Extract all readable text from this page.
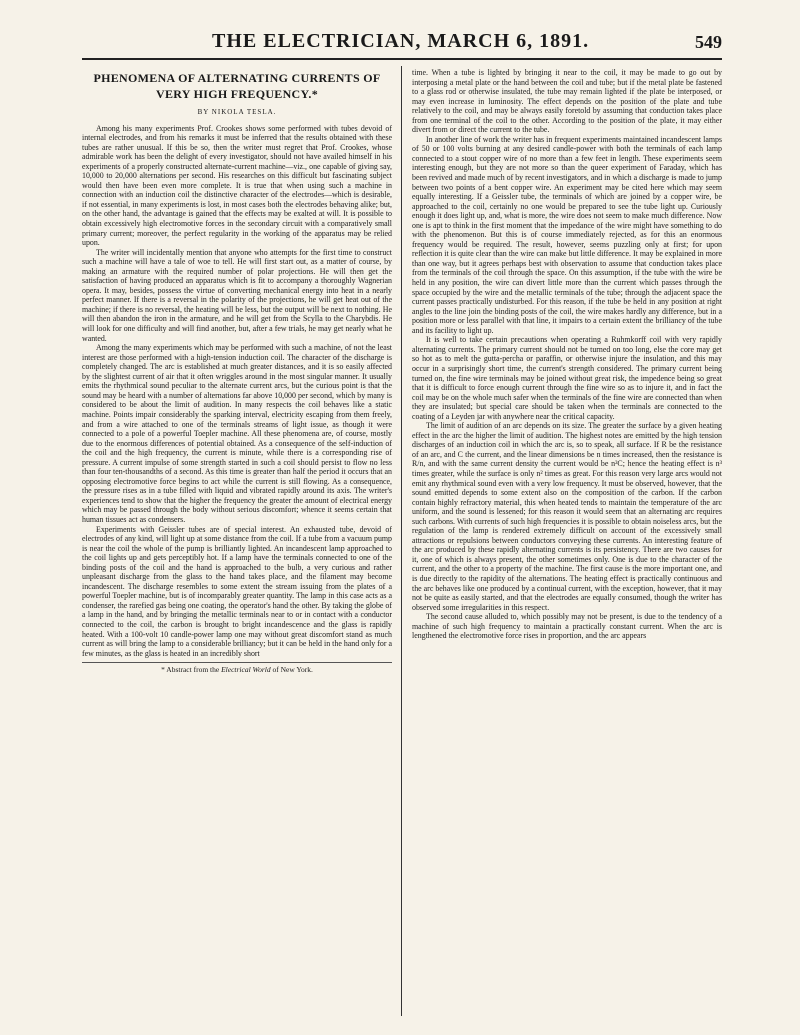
THE ELECTRICIAN, MARCH 6, 1891.	549
PHENOMENA OF ALTERNATING CURRENTS OF VERY HIGH FREQUENCY.*
BY NIKOLA TESLA.

Among his many experiments Prof. Crookes shows some performed with tubes devoid of internal electrodes, and from his remarks it must be inferred that the results obtained with these tubes are rather unusual. If this be so, then the writer must regret that Prof. Crookes, whose admirable work has been the delight of every investigator, should not have availed himself in his experiments of a properly constructed alternate-current machine—viz., one capable of giving say, 10,000 to 20,000 alternations per second. His researches on this difficult but fascinating subject would then have been even more complete. It is true that when using such a machine in connection with an induction coil the distinctive character of the electrodes—which is desirable, if not essential, in many experiments is lost, in most cases both the electrodes behaving alike; but, on the other hand, the advantage is gained that the effects may be exalted at will. It is possible to obtain excessively high electromotive forces in the secondary circuit with a comparatively small primary current; moreover, the perfect regularity in the working of the apparatus may be relied upon.

The writer will incidentally mention that anyone who attempts for the first time to construct such a machine will have a tale of woe to tell. He will first start out, as a matter of course, by making an armature with the required number of polar projections. He will then get the satisfaction of having produced an apparatus which is fit to accompany a thoroughly Wagnerian opera. It may, besides, possess the virtue of converting mechanical energy into heat in a nearly perfect manner. If there is a reversal in the polarity of the projections, he will get heat out of the machine; if there is no reversal, the heating will be less, but the output will be next to nothing. He will then abandon the iron in the armature, and he will get from the Scylla to the Charybdis. He will look for one difficulty and will find another, but, after a few trials, he may get nearly what he wanted.

Among the many experiments which may be performed with such a machine, of not the least interest are those performed with a high-tension induction coil. The character of the discharge is completely changed. The arc is established at much greater distances, and it is so easily affected by the slightest current of air that it often wriggles around in the most singular manner. It usually emits the rhythmical sound peculiar to the alternate current arcs, but the curious point is that the sound may be heard with a number of alternations far above 10,000 per second, which by many is considered to be about the limit of audition. In many respects the coil behaves like a static machine. Points impair considerably the sparking interval, electricity escaping from them freely, and from a wire attached to one of the terminals streams of light issue, as though it were connected to a pole of a powerful Toepler machine. All these phenomena are, of course, mostly due to the enormous differences of potential obtained. As a consequence of the self-induction of the coil and the high frequency, the current is minute, while there is a corresponding rise of pressure. A current impulse of some strength started in such a coil should persist to flow no less than four ten-thousandths of a second. As this time is greater than half the period it occurs that an opposing electromotive force begins to act while the current is still flowing. As a consequence, the pressure rises as in a tube filled with liquid and vibrated rapidly around its axis. The writer's experiences tend to show that the higher the frequency the greater the amount of electrical energy which may be passed through the body without serious discomfort; whence it seems certain that human tissues act as condensers.

Experiments with Geissler tubes are of special interest. An exhausted tube, devoid of electrodes of any kind, will light up at some distance from the coil. If a tube from a vacuum pump is near the coil the whole of the pump is brilliantly lighted. An incandescent lamp approached to the coil lights up and gets perceptibly hot. If a lamp have the terminals connected to one of the binding posts of the coil and the hand is approached to the bulb, a very curious and rather unpleasant discharge from the glass to the hand takes place, and the filament may become incandescent. The discharge resembles to some extent the stream issuing from the plates of a powerful Toepler machine, but is of incomparably greater quantity. The lamp in this case acts as a condenser, the rarefied gas being one coating, the operator's hand the other. By taking the globe of a lamp in the hand, and by bringing the metallic terminals near to or in contact with a conductor connected to the coil, the carbon is brought to bright incandescence and the glass is rapidly heated. With a 100-volt 10 candle-power lamp one may without great discomfort stand as much current as will bring the lamp to a considerable brilliancy; but it can be held in the hand only for a few minutes, as the glass is heated in an incredibly short

* Abstract from the Electrical World of New York.

time. When a tube is lighted by bringing it near to the coil, it may be made to go out by interposing a metal plate or the hand between the coil and tube; but if the metal plate be fastened to a glass rod or otherwise insulated, the tube may remain lighted if the plate be interposed, or may even increase in luminosity. The effect depends on the position of the plate and tube relatively to the coil, and may be always easily foretold by assuming that conduction takes place from one terminal of the coil to the other. According to the position of the plate, it may either divert from or direct the current to the tube.

In another line of work the writer has in frequent experiments maintained incandescent lamps of 50 or 100 volts burning at any desired candle-power with both the terminals of each lamp connected to a stout copper wire of no more than a few feet in length. These experiments seem interesting enough, but they are not more so than the queer experiment of Faraday, which has been revived and made much of by recent investigators, and in which a discharge is made to jump between two points of a bent copper wire. An experiment may be cited here which may seem equally interesting. If a Geissler tube, the terminals of which are joined by a copper wire, be approached to the coil, certainly no one would be prepared to see the tube light up. Curiously enough it does light up, and, what is more, the wire does not seem to make much difference. Now one is apt to think in the first moment that the impedance of the wire might have something to do with the phenomenon. But this is of course immediately rejected, as for this an enormous frequency would be required. The result, however, seems puzzling only at first; for upon reflection it is quite clear than the wire can make but little difference. It may be explained in more than one way, but it agrees perhaps best with observation to assume that conduction takes place from the terminals of the coil through the space. On this assumption, if the tube with the wire be held in any position, the wire can divert little more than the current which passes through the space occupied by the wire and the metallic terminals of the tube; through the adjacent space the current passes practically undisturbed. For this reason, if the tube be held in any position at right angles to the line join the binding posts of the coil, the wire makes hardly any difference, but in a position more or less parallel with that line, it impairs to a certain extent the brilliancy of the tube and its facility to light up.

It is well to take certain precautions when operating a Ruhmkorff coil with very rapidly alternating currents. The primary current should not be turned on too long, else the core may get so hot as to melt the gutta-percha or paraffin, or otherwise injure the insulation, and this may occur in a surprisingly short time, the current's strength considered. The primary current being turned on, the fine wire terminals may be joined without great risk, the impedence being so great that it is difficult to force enough current through the fine wire so as to injure it, and in fact the coil may be on the whole much safer when the terminals of the fine wire are connected than when they are insulated; but special care should be taken when the terminals are connected to the coating of a Leyden jar with anywhere near the critical capacity.

The limit of audition of an arc depends on its size. The greater the surface by a given heating effect in the arc the higher the limit of audition. The highest notes are emitted by the high tension discharges of an induction coil in which the arc is, so to speak, all surface. If R be the resistance of an arc, and C the current, and the linear dimensions be n times increased, then the resistance is R/n, and with the same current density the current would be n²C; hence the heating effect is n³ times greater, while the surface is only n² times as great. For this reason very large arcs would not emit any rhythmical sound even with a very low frequency. It must be observed, however, that the sound emitted depends to some extent also on the composition of the carbon. If the carbon contain highly refractory material, this when heated tends to maintain the temperature of the arc uniform, and the sound is lessened; for this reason it would seem that an alternating arc requires such carbons. With currents of such high frequencies it is possible to obtain noiseless arcs, but the regulation of the lamp is rendered extremely difficult on account of the excessively small attractions or repulsions between conductors conveying these currents. An interesting feature of the arc produced by these rapidly alternating currents is its persistency. There are two causes for it, one of which is always present, the other sometimes only. One is due to the character of the current, and the other to a property of the machine. The first cause is the more important one, and is due directly to the rapidity of the alternations. The heating effect is practically continuous and the arc behaves like one produced by a continual current, with the exception, however, that it may not be quite as easily started, and that the electrodes are equally consumed, though the writer has observed some irregularities in this respect.

The second cause alluded to, which possibly may not be present, is due to the tendency of a machine of such high frequency to maintain a practically constant current. When the arc is lengthened the electromotive force rises in proportion, and the arc appears
